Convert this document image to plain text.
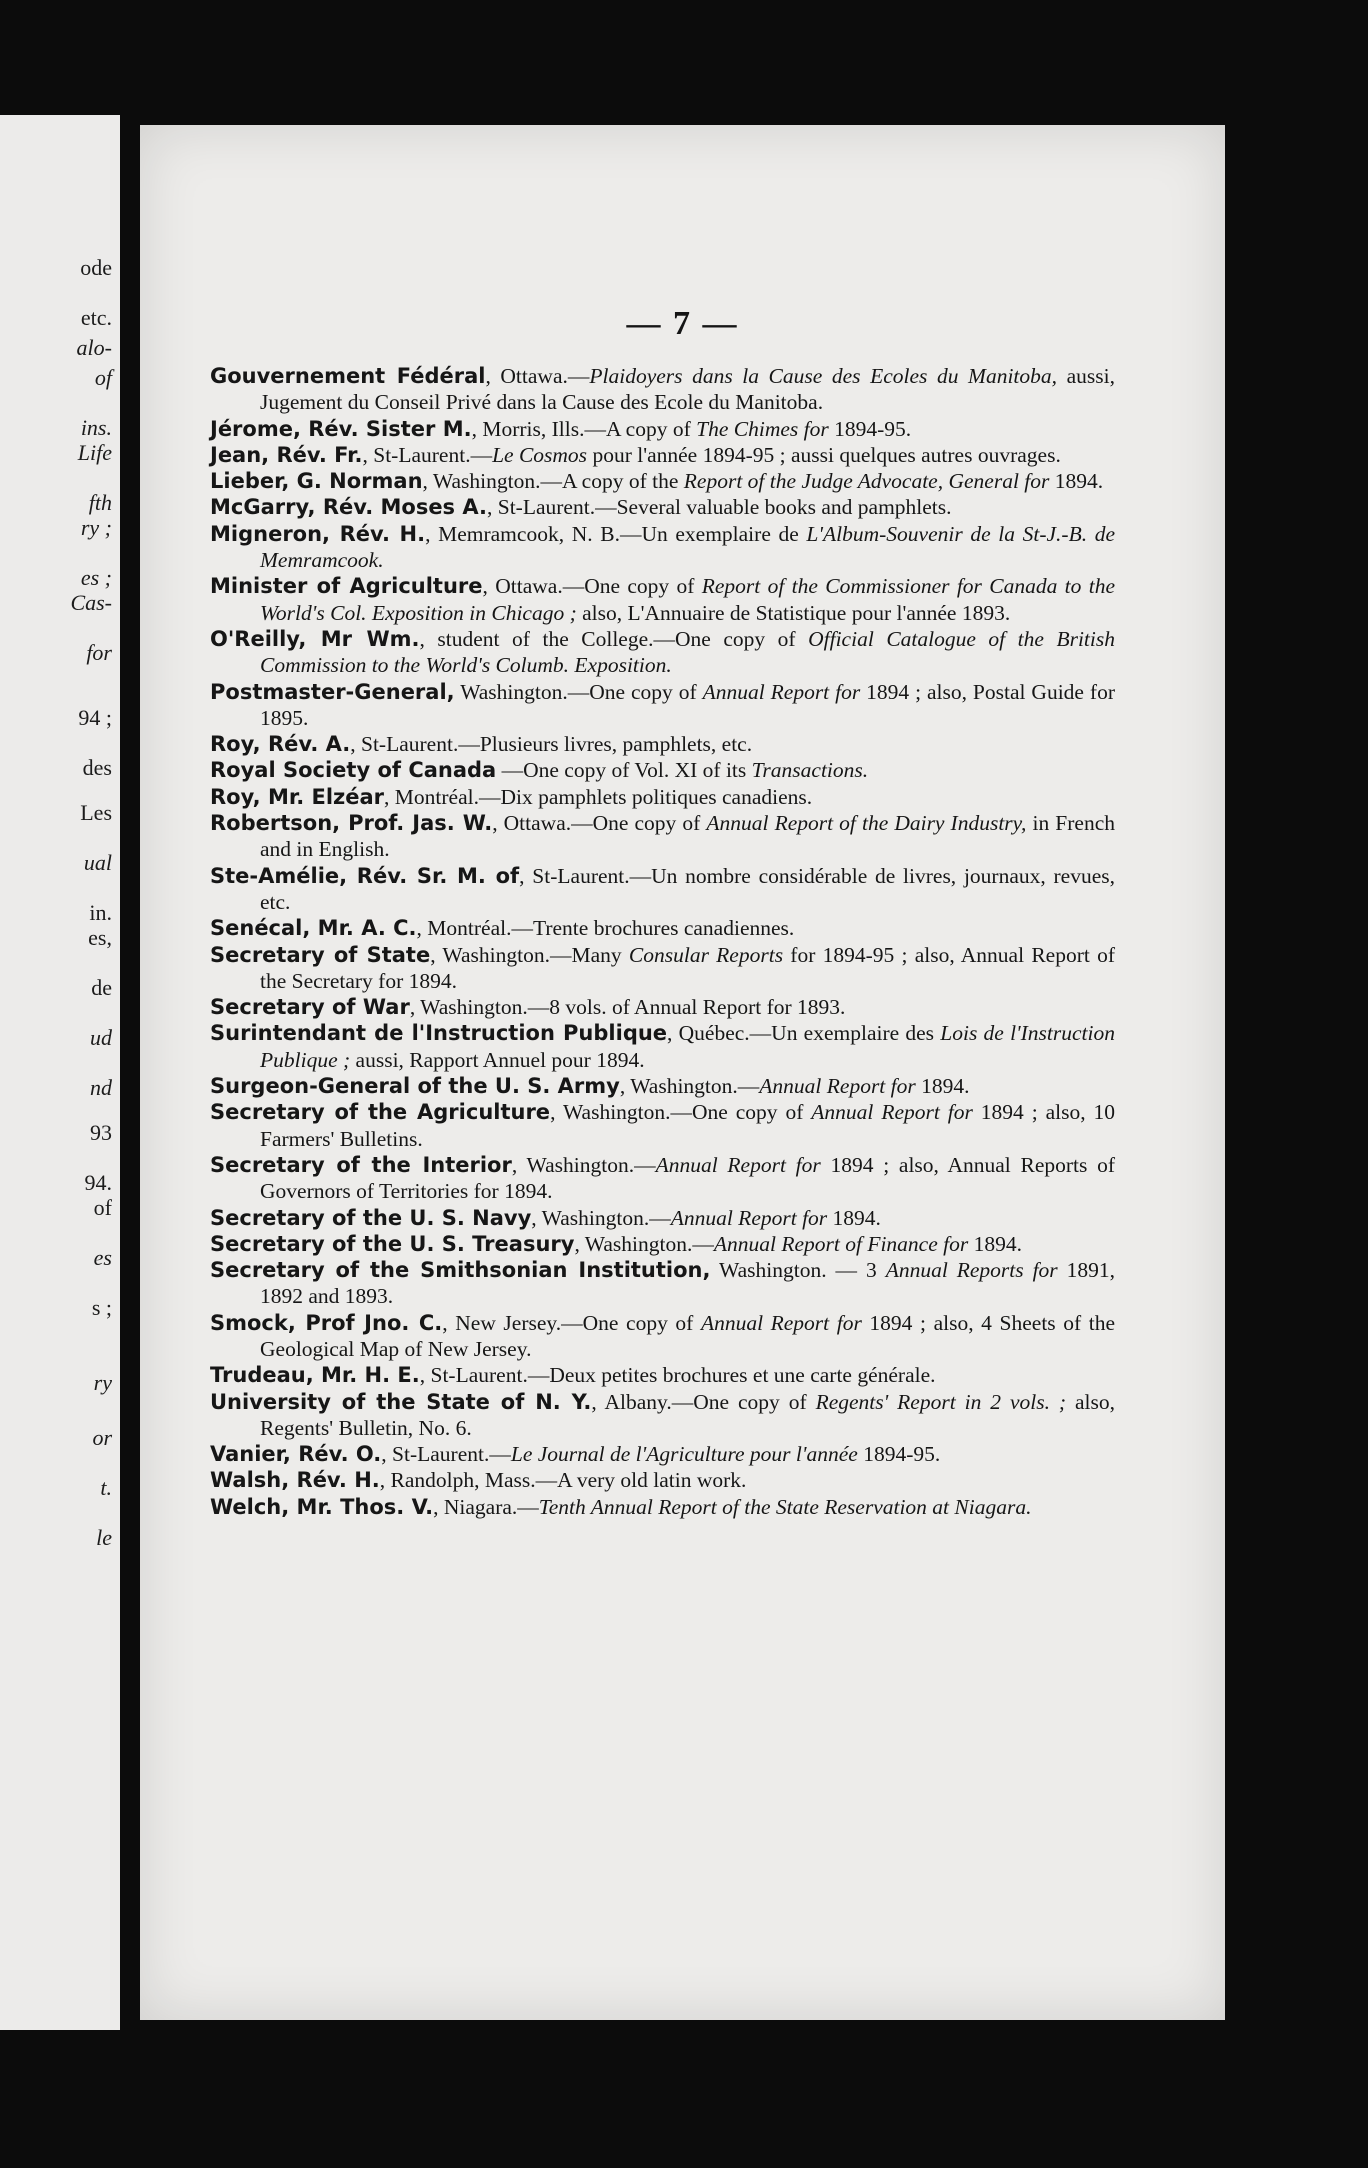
ode
etc.
alo-
of
ins.
Life
fth
ry ;
es ;
Cas-
for
94 ;
des
Les
ual
in.
es,
de
ud
nd
93
94.
of
es
s ;
ry
or
t.
le
— 7 —
Gouvernement Fédéral, Ottawa.—Plaidoyers dans la Cause des Ecoles du Manitoba, aussi, Jugement du Conseil Privé dans la Cause des Ecole du Manitoba.
Jérome, Rév. Sister M., Morris, Ills.—A copy of The Chimes for 1894-95.
Jean, Rév. Fr., St-Laurent.—Le Cosmos pour l'année 1894-95 ; aussi quelques autres ouvrages.
Lieber, G. Norman, Washington.—A copy of the Report of the Judge Advocate, General for 1894.
McGarry, Rév. Moses A., St-Laurent.—Several valuable books and pamphlets.
Migneron, Rév. H., Memramcook, N. B.—Un exemplaire de L'Album-Souvenir de la St-J.-B. de Memramcook.
Minister of Agriculture, Ottawa.—One copy of Report of the Commissioner for Canada to the World's Col. Exposition in Chicago ; also, L'Annuaire de Statistique pour l'année 1893.
O'Reilly, Mr Wm., student of the College.—One copy of Official Catalogue of the British Commission to the World's Columb. Exposition.
Postmaster-General, Washington.—One copy of Annual Report for 1894 ; also, Postal Guide for 1895.
Roy, Rév. A., St-Laurent.—Plusieurs livres, pamphlets, etc.
Royal Society of Canada —One copy of Vol. XI of its Transactions.
Roy, Mr. Elzéar, Montréal.—Dix pamphlets politiques canadiens.
Robertson, Prof. Jas. W., Ottawa.—One copy of Annual Report of the Dairy Industry, in French and in English.
Ste-Amélie, Rév. Sr. M. of, St-Laurent.—Un nombre considérable de livres, journaux, revues, etc.
Senécal, Mr. A. C., Montréal.—Trente brochures canadiennes.
Secretary of State, Washington.—Many Consular Reports for 1894-95 ; also, Annual Report of the Secretary for 1894.
Secretary of War, Washington.—8 vols. of Annual Report for 1893.
Surintendant de l'Instruction Publique, Québec.—Un exemplaire des Lois de l'Instruction Publique ; aussi, Rapport Annuel pour 1894.
Surgeon-General of the U. S. Army, Washington.—Annual Report for 1894.
Secretary of the Agriculture, Washington.—One copy of Annual Report for 1894 ; also, 10 Farmers' Bulletins.
Secretary of the Interior, Washington.—Annual Report for 1894 ; also, Annual Reports of Governors of Territories for 1894.
Secretary of the U. S. Navy, Washington.—Annual Report for 1894.
Secretary of the U. S. Treasury, Washington.—Annual Report of Finance for 1894.
Secretary of the Smithsonian Institution, Washington. — 3 Annual Reports for 1891, 1892 and 1893.
Smock, Prof Jno. C., New Jersey.—One copy of Annual Report for 1894 ; also, 4 Sheets of the Geological Map of New Jersey.
Trudeau, Mr. H. E., St-Laurent.—Deux petites brochures et une carte générale.
University of the State of N. Y., Albany.—One copy of Regents' Report in 2 vols. ; also, Regents' Bulletin, No. 6.
Vanier, Rév. O., St-Laurent.—Le Journal de l'Agriculture pour l'année 1894-95.
Walsh, Rév. H., Randolph, Mass.—A very old latin work.
Welch, Mr. Thos. V., Niagara.—Tenth Annual Report of the State Reservation at Niagara.
